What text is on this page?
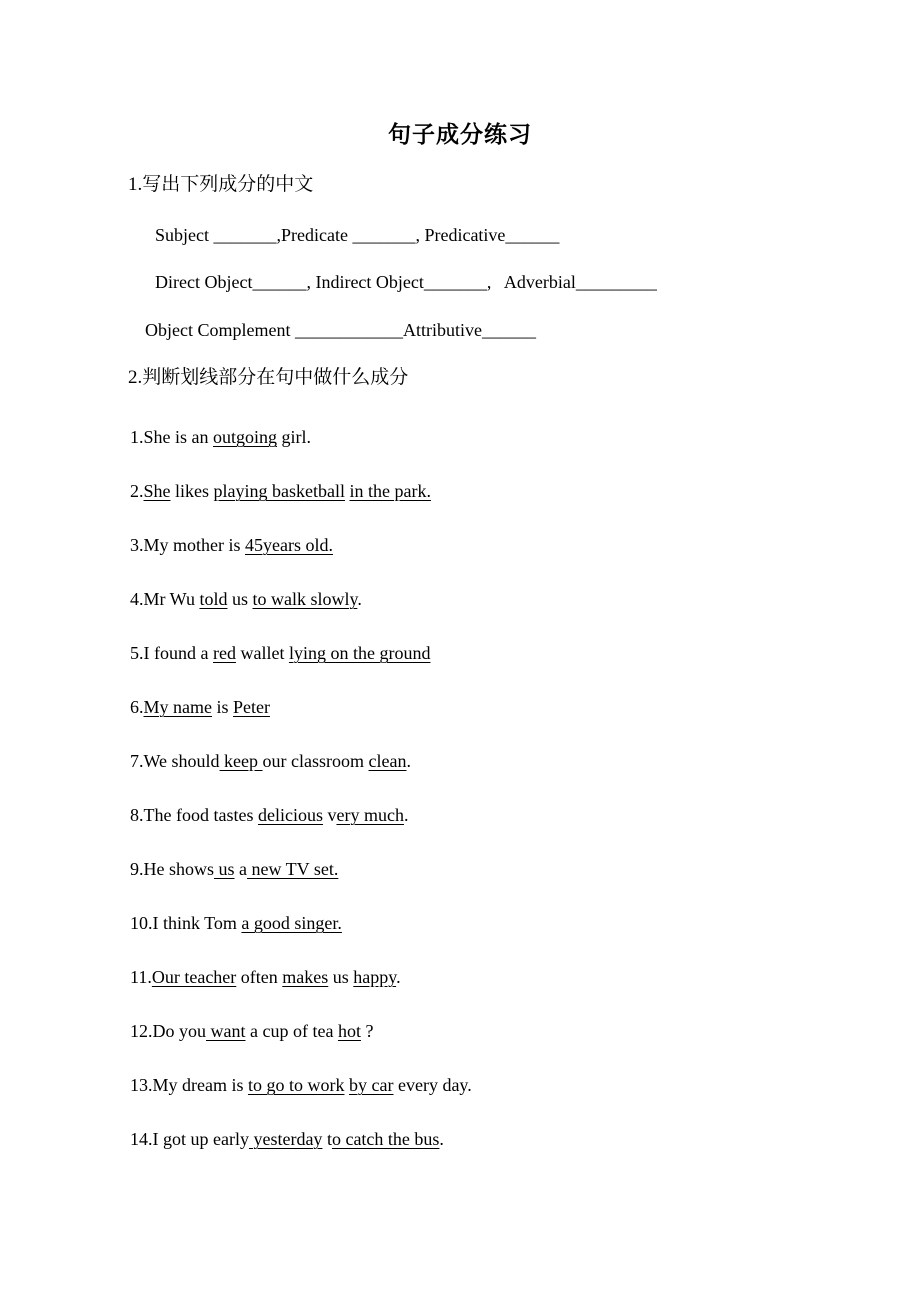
句子成分练习
1.写出下列成分的中文
Subject _______,Predicate _______, Predicative______
Direct Object______, Indirect Object_______,   Adverbial_________
Object Complement ____________Attributive______
2.判断划线部分在句中做什么成分
1.She is an outgoing girl.
2.She likes playing basketball in the park.
3.My mother is 45years old.
4.Mr Wu told us to walk slowly.
5.I found a red wallet lying on the ground
6.My name is Peter
7.We should keep our classroom clean.
8.The food tastes delicious very much.
9.He shows us a new TV set.
10.I think Tom a good singer.
11.Our teacher often makes us happy.
12.Do you want a cup of tea hot ?
13.My dream is to go to work by car every day.
14.I got up early yesterday to catch the bus.
